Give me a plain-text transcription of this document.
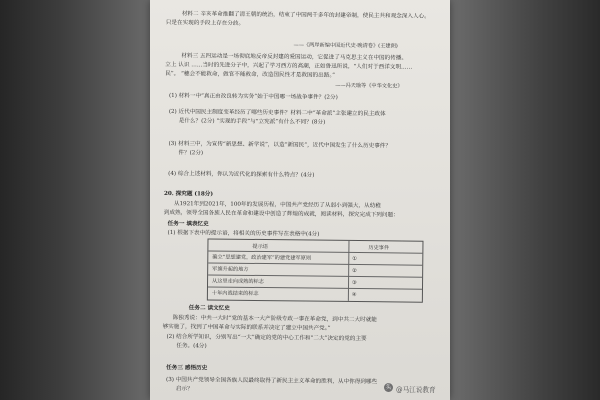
材料二 辛亥革命推翻了清王朝的统治，结束了中国两千多年的封建帝制，使民主共和观念深入人心。
只是在实现的手段上存在分歧。
——《两岸新编中国近代史·晚清卷》(王建朗)
材料三 五四运动是一场彻底地反帝反封建的爱国运动，它促进了马克思主义在中国的传播。
立上 认识 ……当时的先进分子中，兴起了学习西方的高潮，正如鲁迅所说，“人们对于西洋文明……
民”。 “穗会不能救命，做官不能救命，改造国民性才是救国的出路。”
——冯天瑜等《中华文化史》
(1) 材料一中“真正由改良转为实务”始于中国哪一场战争事件？(2分)
(2) 近代中国民主制度变革经历了哪些历史事件？材料二中“革命派”主张建立的民主政体
是什么？(2分) “实现的手段”与“立宪派”有什么不同？(8分)
(3) 材料三中，为宣传“新思想、新学说”，以造“新国民”，近代中国发生了什么历史事件？
件？(2分)
(4) 综合上述材料，你认为近代化的探索有什么特点？(4分)
20. 探究题 (18分)
从1921年到2021年，100年的发展历程，中国共产党经历了从弱小到强大，从幼稚
到成熟，领导全国各族人民在革命和建设中创造了辉煌的成就，阅读材料，探究完成下列问题：
任务一 填表忆史
(1) 根据下表中的提示语，将相关的历史事件写在表格中(4分)
提示语	历史事件
确立“思想建党，政治建军”的建党建军原则	①
军旗升起的地方	②
从这里走向成熟的标志	③
十年内战结束的标志	④
任务二 读文忆史
陈独秀说：中共一大时“党的基本一大产阶级专政一事在革命党，到中共二大时就能
够实施了，找到了中国革命与实际的联系并决定了建立中国共产党。”
(2) 结合所学知识，分别写出“一大”确定的党的中心工作和“二大”决定的党的主要
任务。(4分)
任务三 感悟历史
(3) 中国共产党领导全国各族人民最终取得了新民主主义革命的胜利，从中你得到哪些
启示？	头 @马江说教育
